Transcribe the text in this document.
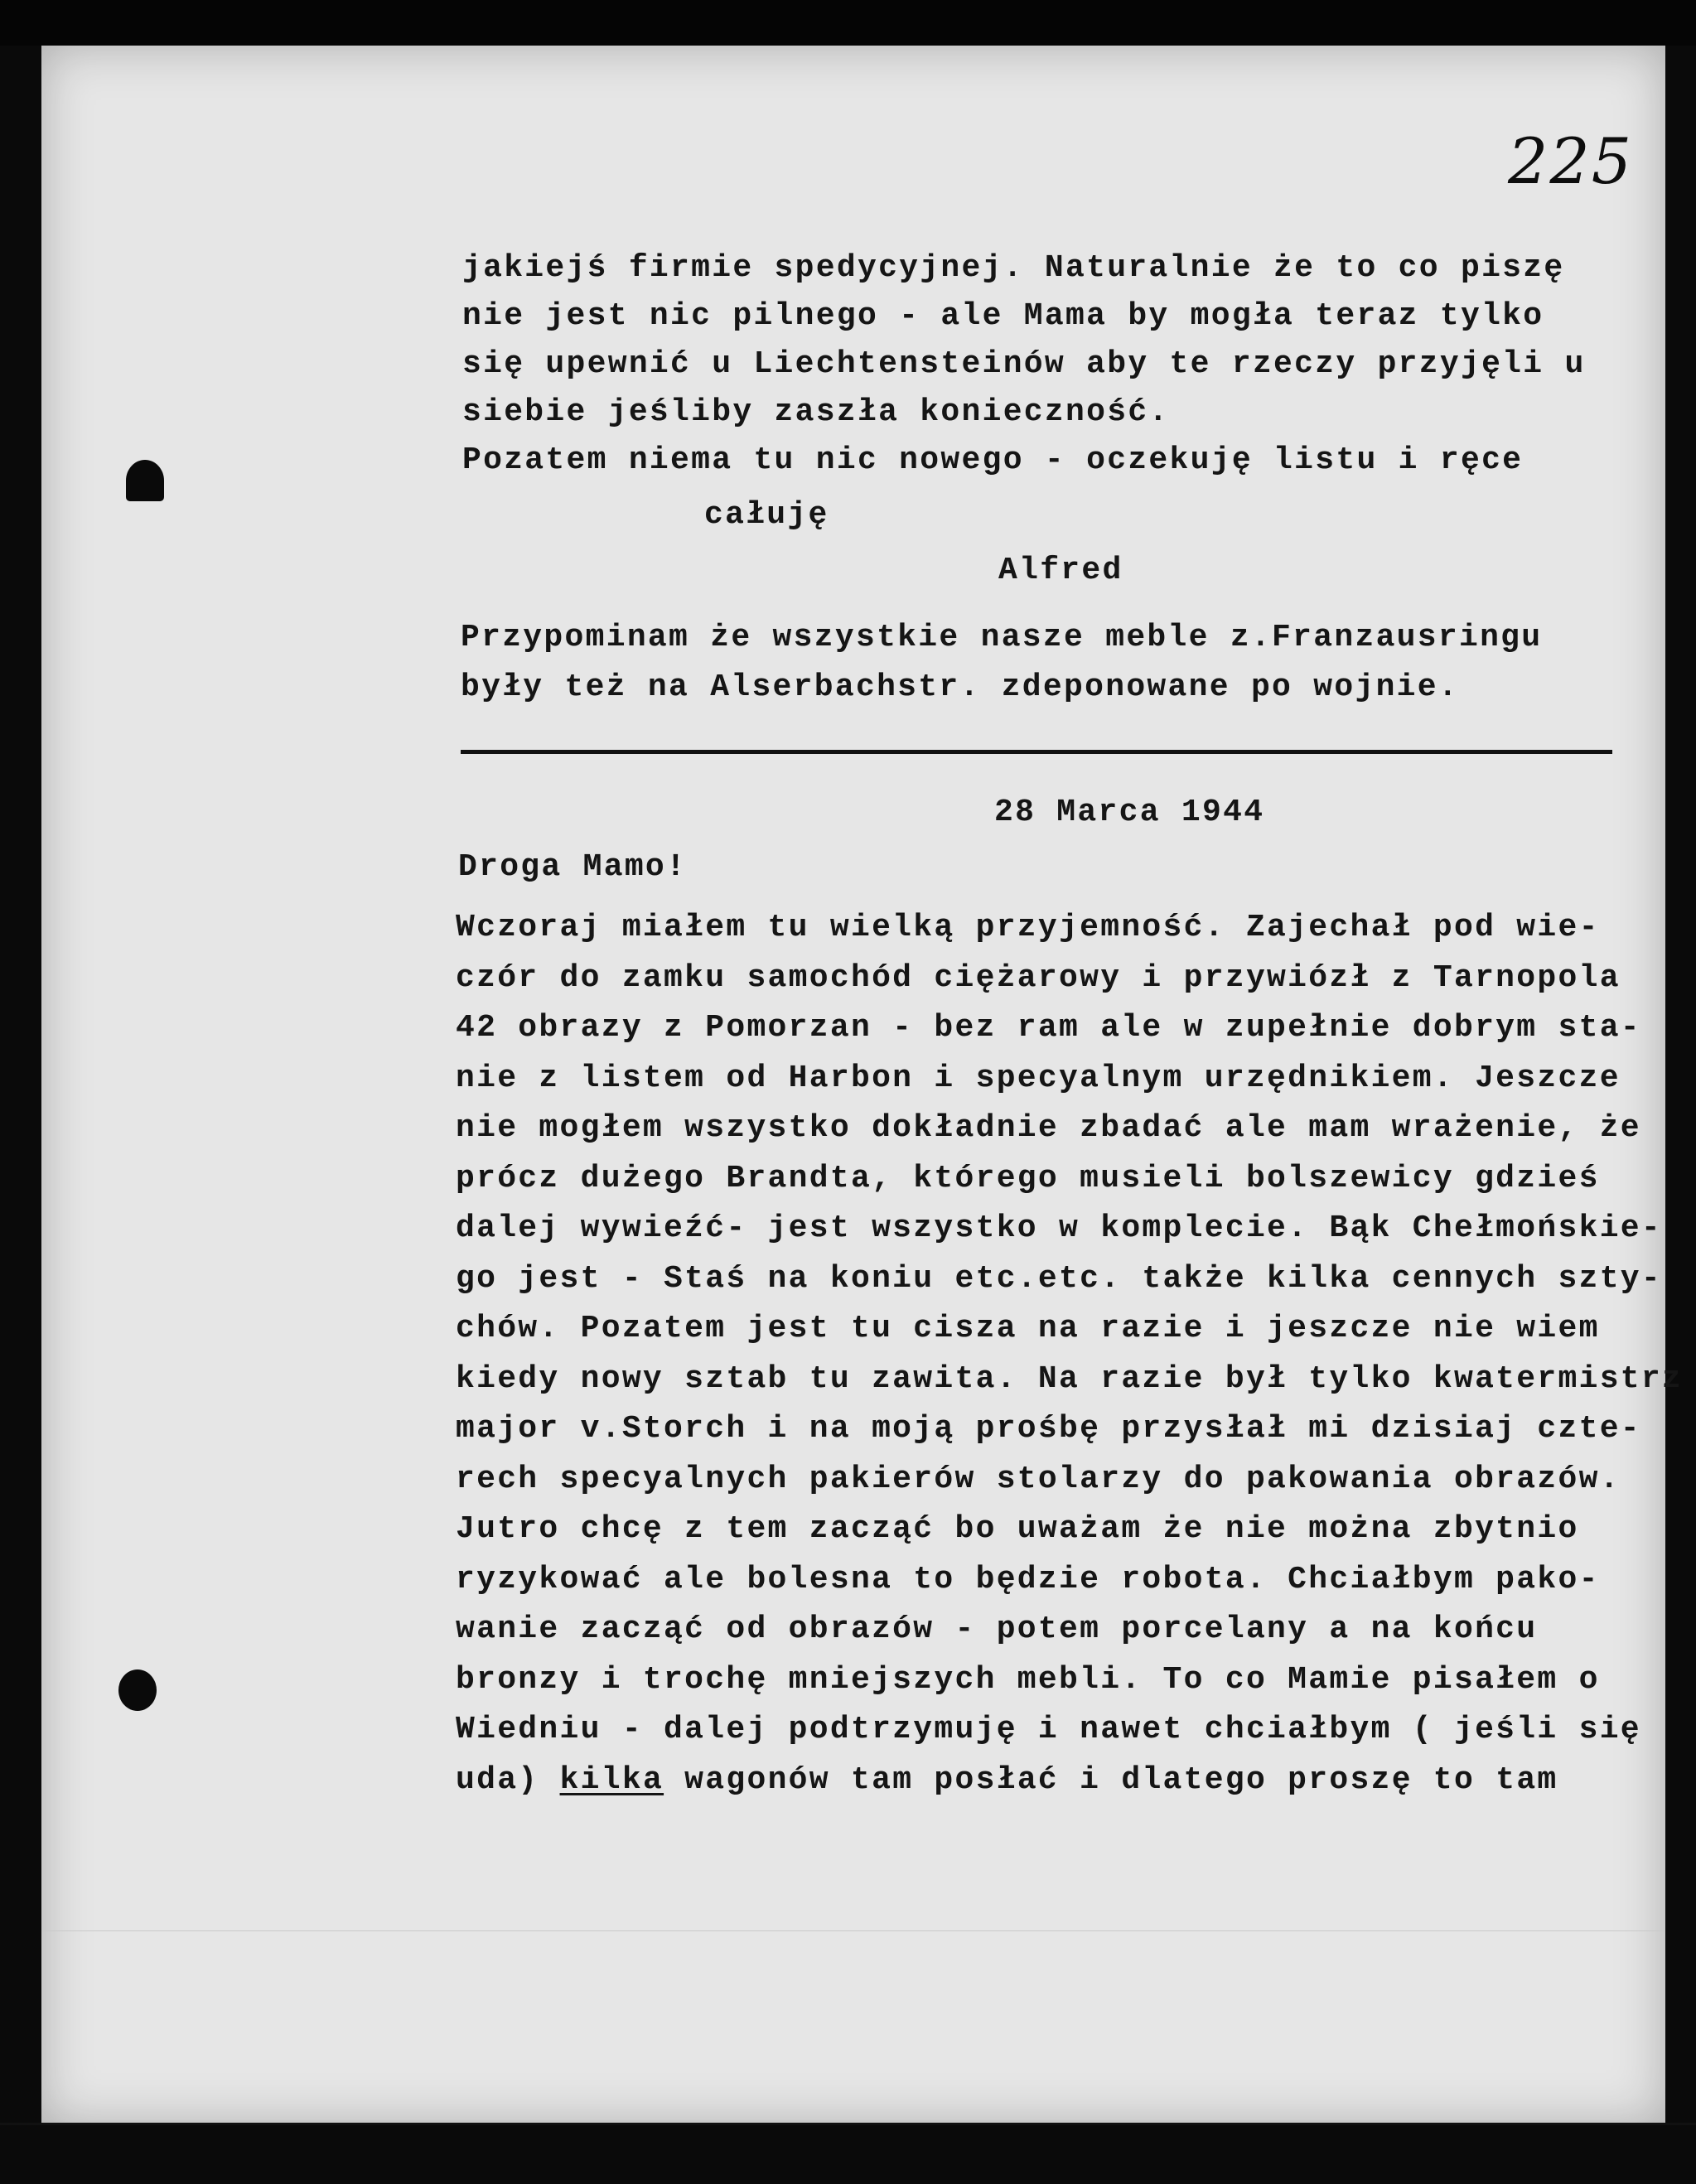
225

jakiejś firmie spedycyjnej. Naturalnie że to co piszę
nie jest nic pilnego - ale Mama by mogła teraz tylko
się upewnić u Liechtensteinów aby te rzeczy przyjęli u
siebie jeśliby zaszła konieczność.
Pozatem niema tu nic nowego - oczekuję listu i ręce
całuję
Alfred
Przypominam że wszystkie nasze meble z.Franzausringu
były też na Alserbachstr. zdeponowane po wojnie.
28 Marca 1944
Droga Mamo!
Wczoraj miałem tu wielką przyjemność. Zajechał pod wie-
czór do zamku samochód ciężarowy i przywiózł z Tarnopola
42 obrazy z Pomorzan - bez ram ale w zupełnie dobrym sta-
nie z listem od Harbon i specyalnym urzędnikiem. Jeszcze
nie mogłem wszystko dokładnie zbadać ale mam wrażenie, że
prócz dużego Brandta, którego musieli bolszewicy gdzieś
dalej wywieźć- jest wszystko w komplecie. Bąk Chełmońskie-
go jest - Staś na koniu etc.etc. także kilka cennych szty-
chów. Pozatem jest tu cisza na razie i jeszcze nie wiem
kiedy nowy sztab tu zawita. Na razie był tylko kwatermistrz
major v.Storch i na moją prośbę przysłał mi dzisiaj czte-
rech specyalnych pakierów stolarzy do pakowania obrazów.
Jutro chcę z tem zacząć bo uważam że nie można zbytnio
ryzykować ale bolesna to będzie robota. Chciałbym pako-
wanie zacząć od obrazów - potem porcelany a na końcu
bronzy i trochę mniejszych mebli. To co Mamie pisałem o
Wiedniu - dalej podtrzymuję i nawet chciałbym ( jeśli się
uda) kilka wagonów tam posłać i dlatego proszę to tam
